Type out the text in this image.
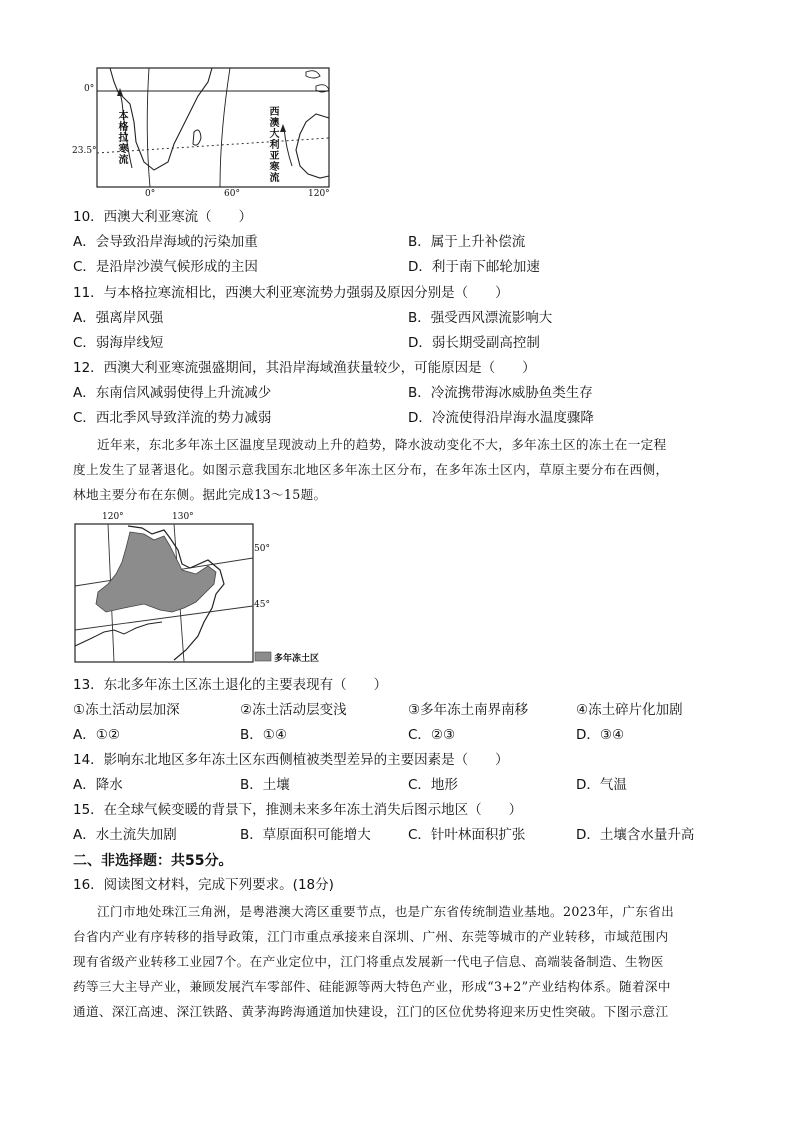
0°
23.5°
0°	60°	120°
本格拉寒流	西澳大利亚寒流
10．西澳大利亚寒流（　　）
A．会导致沿岸海域的污染加重	B．属于上升补偿流
C．是沿岸沙漠气候形成的主因	D．利于南下邮轮加速
11．与本格拉寒流相比，西澳大利亚寒流势力强弱及原因分别是（　　）
A．强离岸风强	B．强受西风漂流影响大
C．弱海岸线短	D．弱长期受副高控制
12．西澳大利亚寒流强盛期间，其沿岸海域渔获量较少，可能原因是（　　）
A．东南信风减弱使得上升流减少	B．冷流携带海冰威胁鱼类生存
C．西北季风导致洋流的势力减弱	D．冷流使得沿岸海水温度骤降
近年来，东北多年冻土区温度呈现波动上升的趋势，降水波动变化不大，多年冻土区的冻土在一定程
度上发生了显著退化。如图示意我国东北地区多年冻土区分布，在多年冻土区内，草原主要分布在西侧，
林地主要分布在东侧。据此完成13～15题。
120°	130°
50°
45°
多年冻土区
13．东北多年冻土区冻土退化的主要表现有（　　）
①冻土活动层加深	②冻土活动层变浅	③多年冻土南界南移	④冻土碎片化加剧
A．①②	B．①④	C．②③	D．③④
14．影响东北地区多年冻土区东西侧植被类型差异的主要因素是（　　）
A．降水	B．土壤	C．地形	D．气温
15．在全球气候变暖的背景下，推测未来多年冻土消失后图示地区（　　）
A．水土流失加剧	B．草原面积可能增大	C．针叶林面积扩张	D．土壤含水量升高
二、非选择题：共55分。
16．阅读图文材料，完成下列要求。(18分)
江门市地处珠江三角洲，是粤港澳大湾区重要节点，也是广东省传统制造业基地。2023年，广东省出
台省内产业有序转移的指导政策，江门市重点承接来自深圳、广州、东莞等城市的产业转移，市域范围内
现有省级产业转移工业园7个。在产业定位中，江门将重点发展新一代电子信息、高端装备制造、生物医
药等三大主导产业，兼顾发展汽车零部件、硅能源等两大特色产业，形成“3+2”产业结构体系。随着深中
通道、深江高速、深江铁路、黄茅海跨海通道加快建设，江门的区位优势将迎来历史性突破。下图示意江
